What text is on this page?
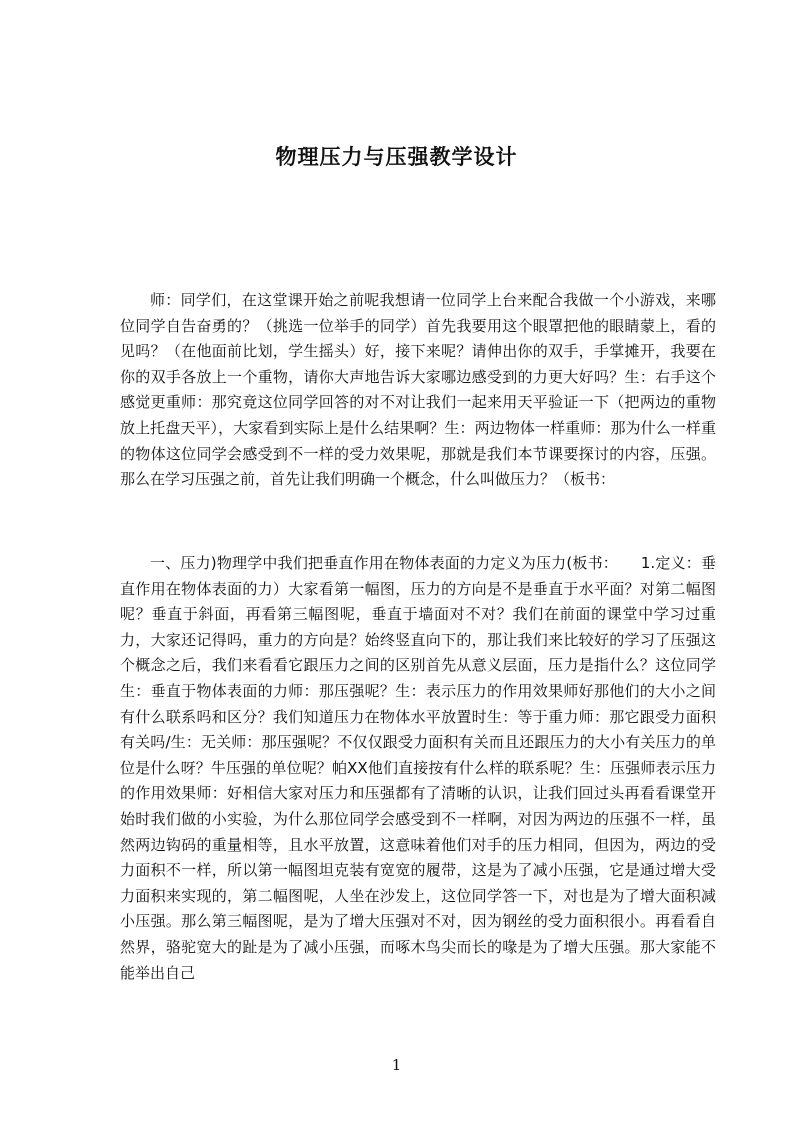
物理压力与压强教学设计

师：同学们，在这堂课开始之前呢我想请一位同学上台来配合我做一个小游戏，来哪位同学自告奋勇的？（挑选一位举手的同学）首先我要用这个眼罩把他的眼睛蒙上，看的见吗？（在他面前比划，学生摇头）好，接下来呢？请伸出你的双手，手掌摊开，我要在你的双手各放上一个重物，请你大声地告诉大家哪边感受到的力更大好吗？生：右手这个感觉更重师：那究竟这位同学回答的对不对让我们一起来用天平验证一下（把两边的重物放上托盘天平），大家看到实际上是什么结果啊？生：两边物体一样重师：那为什么一样重的物体这位同学会感受到不一样的受力效果呢，那就是我们本节课要探讨的内容，压强。那么在学习压强之前，首先让我们明确一个概念，什么叫做压力？（板书：

一、压力)物理学中我们把垂直作用在物体表面的力定义为压力(板书：　　1.定义：垂直作用在物体表面的力）大家看第一幅图，压力的方向是不是垂直于水平面？对第二幅图呢？垂直于斜面，再看第三幅图呢，垂直于墙面对不对？我们在前面的课堂中学习过重力，大家还记得吗，重力的方向是？始终竖直向下的，那让我们来比较好的学习了压强这个概念之后，我们来看看它跟压力之间的区别首先从意义层面，压力是指什么？这位同学生：垂直于物体表面的力师：那压强呢？生：表示压力的作用效果师好那他们的大小之间有什么联系吗和区分？我们知道压力在物体水平放置时生：等于重力师：那它跟受力面积有关吗/生：无关师：那压强呢？不仅仅跟受力面积有关而且还跟压力的大小有关压力的单位是什么呀？牛压强的单位呢？帕XX他们直接按有什么样的联系呢？生：压强师表示压力的作用效果师：好相信大家对压力和压强都有了清晰的认识，让我们回过头再看看课堂开始时我们做的小实验，为什么那位同学会感受到不一样啊，对因为两边的压强不一样，虽然两边钩码的重量相等，且水平放置，这意味着他们对手的压力相同，但因为，两边的受力面积不一样，所以第一幅图坦克装有宽宽的履带，这是为了减小压强，它是通过增大受力面积来实现的，第二幅图呢，人坐在沙发上，这位同学答一下，对也是为了增大面积减小压强。那么第三幅图呢，是为了增大压强对不对，因为钢丝的受力面积很小。再看看自然界，骆驼宽大的趾是为了减小压强，而啄木鸟尖而长的喙是为了增大压强。那大家能不能举出自己

1
